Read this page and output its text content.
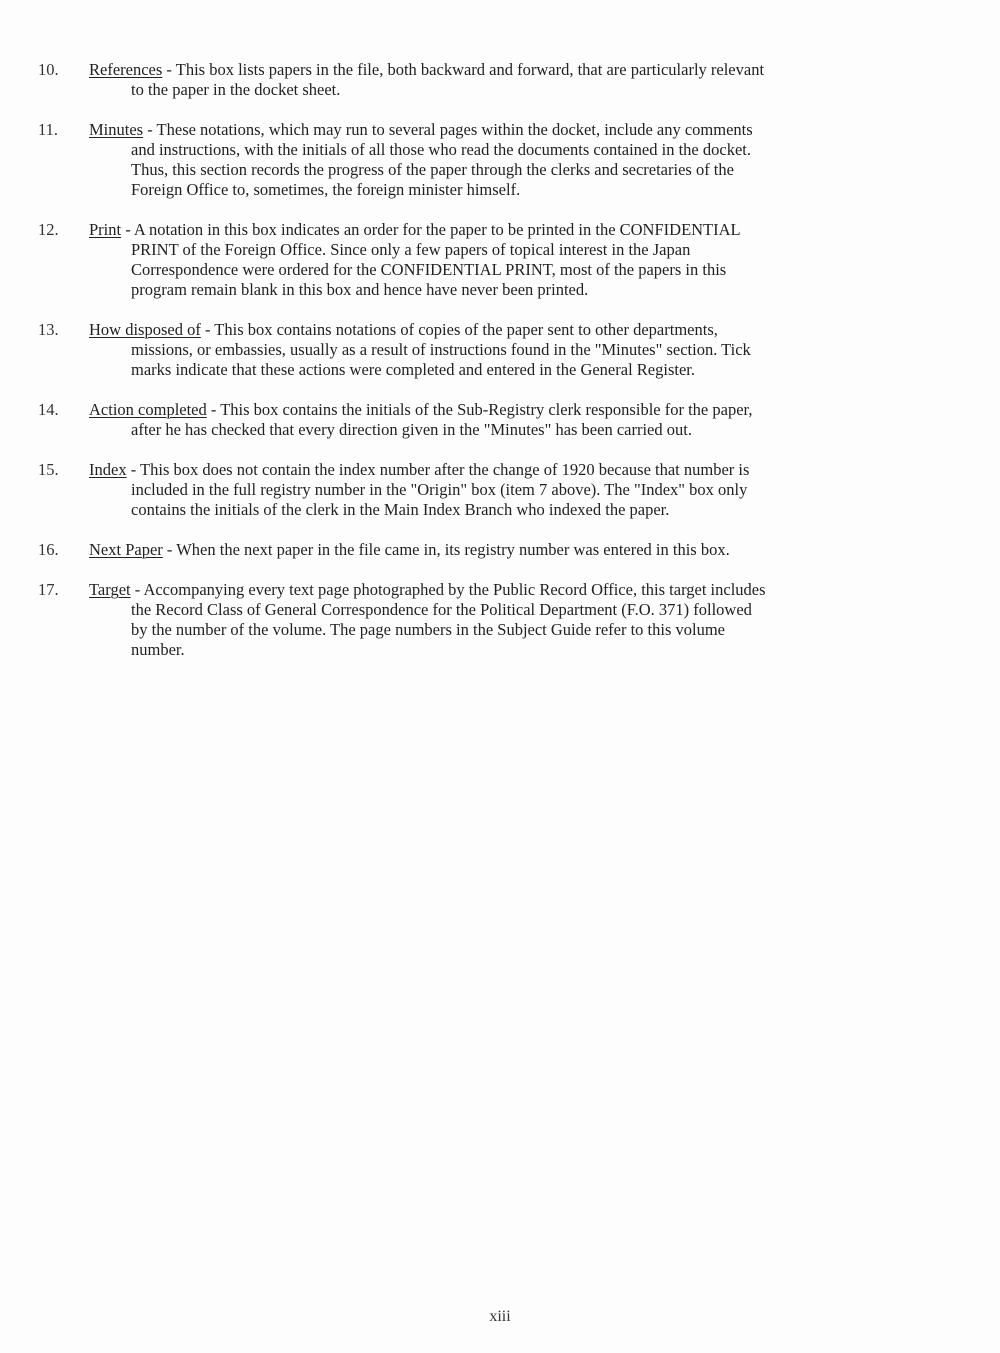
10.	References - This box lists papers in the file, both backward and forward, that are particularly relevant
to the paper in the docket sheet.
11.	Minutes - These notations, which may run to several pages within the docket, include any comments
and instructions, with the initials of all those who read the documents contained in the docket.
Thus, this section records the progress of the paper through the clerks and secretaries of the
Foreign Office to, sometimes, the foreign minister himself.
12.	Print - A notation in this box indicates an order for the paper to be printed in the CONFIDENTIAL
PRINT of the Foreign Office. Since only a few papers of topical interest in the Japan
Correspondence were ordered for the CONFIDENTIAL PRINT, most of the papers in this
program remain blank in this box and hence have never been printed.
13.	How disposed of - This box contains notations of copies of the paper sent to other departments,
missions, or embassies, usually as a result of instructions found in the "Minutes" section. Tick
marks indicate that these actions were completed and entered in the General Register.
14.	Action completed - This box contains the initials of the Sub-Registry clerk responsible for the paper,
after he has checked that every direction given in the "Minutes" has been carried out.
15.	Index - This box does not contain the index number after the change of 1920 because that number is
included in the full registry number in the "Origin" box (item 7 above). The "Index" box only
contains the initials of the clerk in the Main Index Branch who indexed the paper.
16.	Next Paper - When the next paper in the file came in, its registry number was entered in this box.
17.	Target - Accompanying every text page photographed by the Public Record Office, this target includes
the Record Class of General Correspondence for the Political Department (F.O. 371) followed
by the number of the volume. The page numbers in the Subject Guide refer to this volume
number.
xiii
